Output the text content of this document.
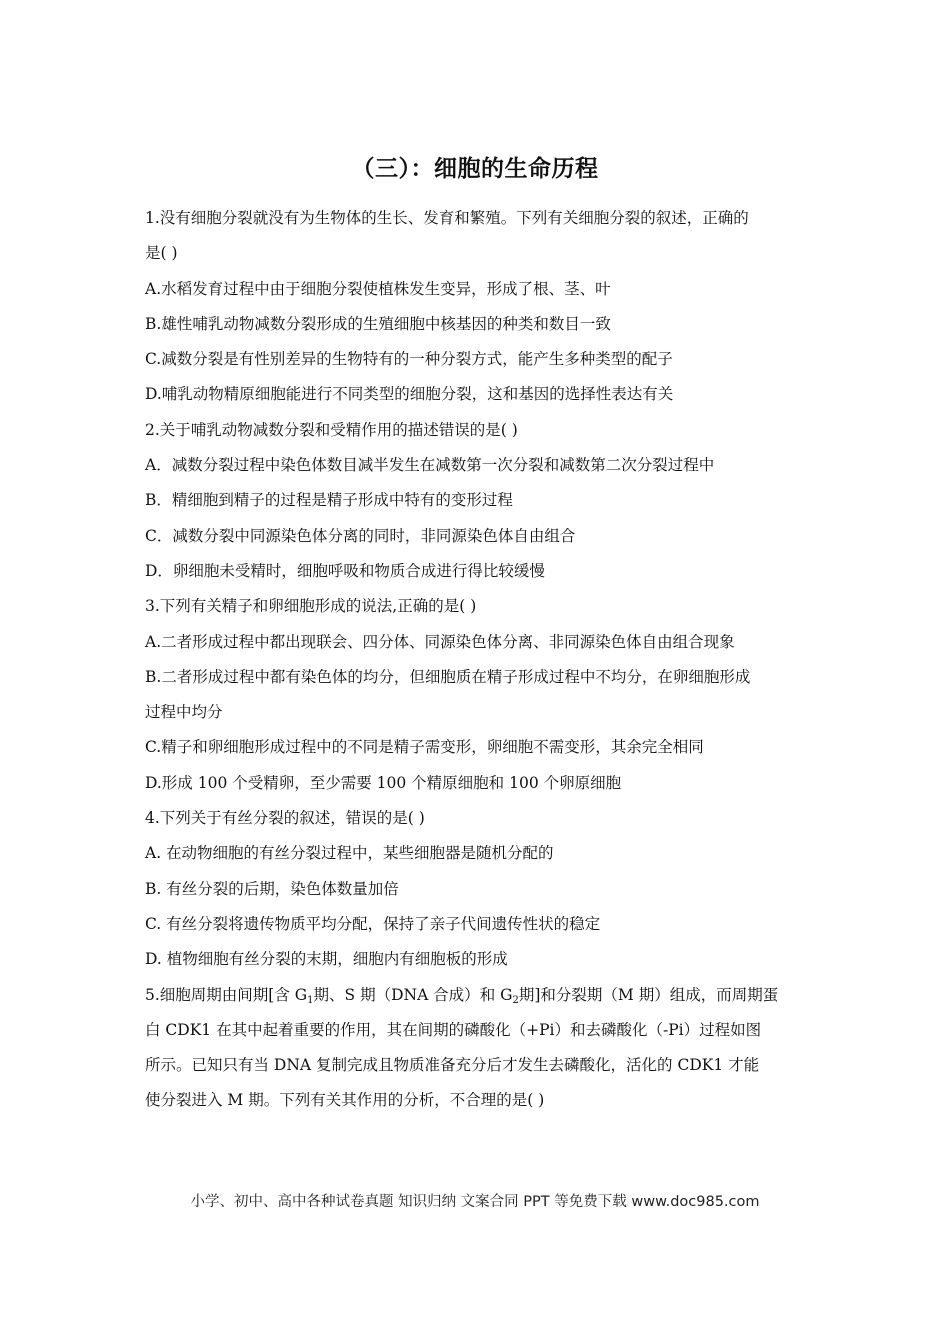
（三）：细胞的生命历程
1.没有细胞分裂就没有为生物体的生长、发育和繁殖。下列有关细胞分裂的叙述，正确的
是( )
A.水稻发育过程中由于细胞分裂使植株发生变异，形成了根、茎、叶
B.雄性哺乳动物减数分裂形成的生殖细胞中核基因的种类和数目一致
C.减数分裂是有性别差异的生物特有的一种分裂方式，能产生多种类型的配子
D.哺乳动物精原细胞能进行不同类型的细胞分裂，这和基因的选择性表达有关
2.关于哺乳动物减数分裂和受精作用的描述错误的是( )
A．减数分裂过程中染色体数目减半发生在减数第一次分裂和减数第二次分裂过程中
B．精细胞到精子的过程是精子形成中特有的变形过程
C．减数分裂中同源染色体分离的同时，非同源染色体自由组合
D．卵细胞未受精时，细胞呼吸和物质合成进行得比较缓慢
3.下列有关精子和卵细胞形成的说法,正确的是( )
A.二者形成过程中都出现联会、四分体、同源染色体分离、非同源染色体自由组合现象
B.二者形成过程中都有染色体的均分，但细胞质在精子形成过程中不均分，在卵细胞形成
过程中均分
C.精子和卵细胞形成过程中的不同是精子需变形，卵细胞不需变形，其余完全相同
D.形成 100 个受精卵，至少需要 100 个精原细胞和 100 个卵原细胞
4.下列关于有丝分裂的叙述，错误的是( )
A. 在动物细胞的有丝分裂过程中，某些细胞器是随机分配的
B. 有丝分裂的后期，染色体数量加倍
C. 有丝分裂将遗传物质平均分配，保持了亲子代间遗传性状的稳定
D. 植物细胞有丝分裂的末期，细胞内有细胞板的形成
5.细胞周期由间期[含 $G_1$期、S 期（DNA 合成）和 $G_2$期]和分裂期（M 期）组成，而周期蛋
白 CDK1 在其中起着重要的作用，其在间期的磷酸化（+Pi）和去磷酸化（-Pi）过程如图
所示。已知只有当 DNA 复制完成且物质准备充分后才发生去磷酸化，活化的 CDK1 才能
使分裂进入 M 期。下列有关其作用的分析，不合理的是( )
小学、初中、高中各种试卷真题 知识归纳 文案合同 PPT 等免费下载 www.doc985.com
